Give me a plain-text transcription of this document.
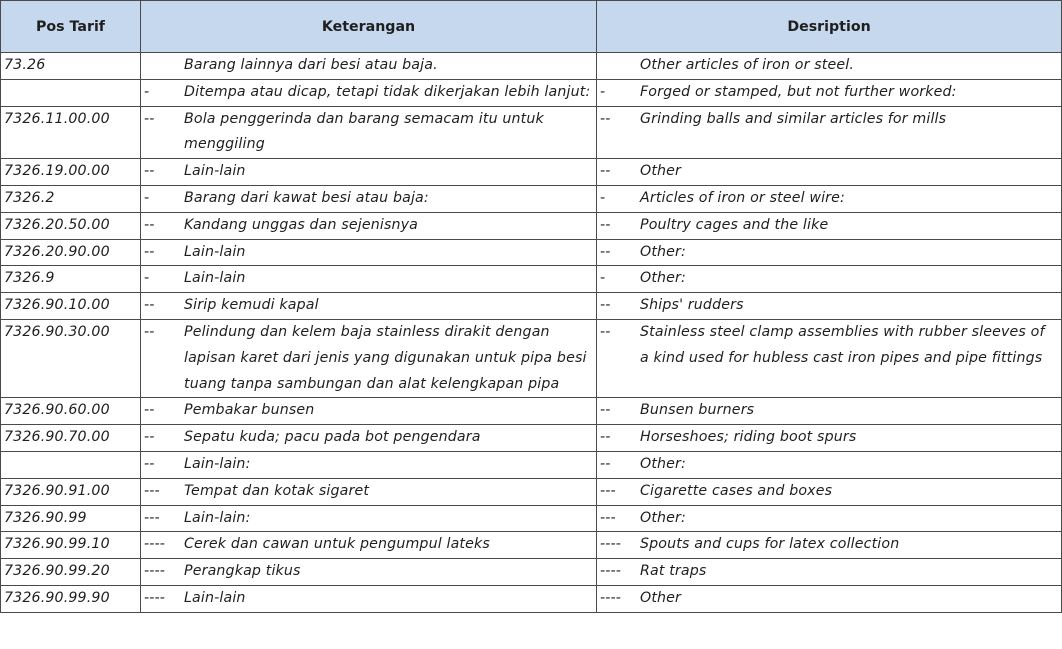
Pos Tarif	Keterangan	Desription
73.26	Barang lainnya dari besi atau baja.	Other articles of iron or steel.

	- Ditempa atau dicap, tetapi tidak dikerjakan lebih lanjut:	- Forged or stamped, but not further worked:

7326.11.00.00	-- Bola penggerinda dan barang semacam itu untuk menggiling	-- Grinding balls and similar articles for mills

7326.19.00.00	-- Lain-lain	-- Other

7326.2	- Barang dari kawat besi atau baja:	- Articles of iron or steel wire:

7326.20.50.00	-- Kandang unggas dan sejenisnya	-- Poultry cages and the like

7326.20.90.00	-- Lain-lain	-- Other:

7326.9	- Lain-lain	- Other:

7326.90.10.00	-- Sirip kemudi kapal	-- Ships' rudders

7326.90.30.00	-- Pelindung dan kelem baja stainless dirakit dengan lapisan karet dari jenis yang digunakan untuk pipa besi tuang tanpa sambungan dan alat kelengkapan pipa	-- Stainless steel clamp assemblies with rubber sleeves of a kind used for hubless cast iron pipes and pipe fittings

7326.90.60.00	-- Pembakar bunsen	-- Bunsen burners

7326.90.70.00	-- Sepatu kuda; pacu pada bot pengendara	-- Horseshoes; riding boot spurs

	-- Lain-lain:	-- Other:

7326.90.91.00	--- Tempat dan kotak sigaret	--- Cigarette cases and boxes

7326.90.99	--- Lain-lain:	--- Other:

7326.90.99.10	---- Cerek dan cawan untuk pengumpul lateks	---- Spouts and cups for latex collection

7326.90.99.20	---- Perangkap tikus	---- Rat traps

7326.90.99.90	---- Lain-lain	---- Other
